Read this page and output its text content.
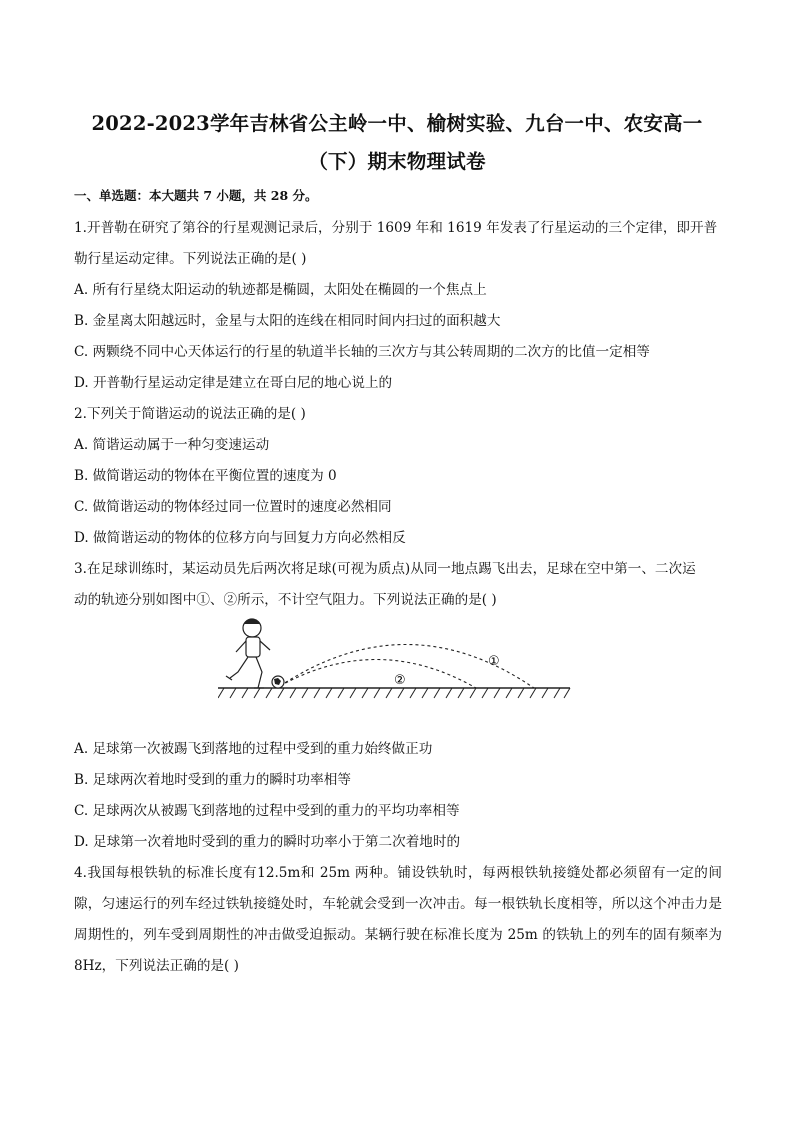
2022-2023学年吉林省公主岭一中、榆树实验、九台一中、农安高一
（下）期末物理试卷
一、单选题：本大题共 7 小题，共 28 分。
1.开普勒在研究了第谷的行星观测记录后，分别于 1609 年和 1619 年发表了行星运动的三个定律，即开普
勒行星运动定律。下列说法正确的是( )
A. 所有行星绕太阳运动的轨迹都是椭圆，太阳处在椭圆的一个焦点上
B. 金星离太阳越远时，金星与太阳的连线在相同时间内扫过的面积越大
C. 两颗绕不同中心天体运行的行星的轨道半长轴的三次方与其公转周期的二次方的比值一定相等
D. 开普勒行星运动定律是建立在哥白尼的地心说上的
2.下列关于简谐运动的说法正确的是( )
A. 简谐运动属于一种匀变速运动
B. 做简谐运动的物体在平衡位置的速度为 0
C. 做简谐运动的物体经过同一位置时的速度必然相同
D. 做简谐运动的物体的位移方向与回复力方向必然相反
3.在足球训练时，某运动员先后两次将足球(可视为质点)从同一地点踢飞出去，足球在空中第一、二次运
动的轨迹分别如图中①、②所示，不计空气阻力。下列说法正确的是( )
①
②
A. 足球第一次被踢飞到落地的过程中受到的重力始终做正功
B. 足球两次着地时受到的重力的瞬时功率相等
C. 足球两次从被踢飞到落地的过程中受到的重力的平均功率相等
D. 足球第一次着地时受到的重力的瞬时功率小于第二次着地时的
4.我国每根铁轨的标准长度有12.5m和 25m 两种。铺设铁轨时，每两根铁轨接缝处都必须留有一定的间隙，匀速运行的列车经过铁轨接缝处时，车轮就会受到一次冲击。每一根铁轨长度相等，所以这个冲击力是周期性的，列车受到周期性的冲击做受迫振动。某辆行驶在标准长度为 25m 的铁轨上的列车的固有频率为 8Hz，下列说法正确的是( )
